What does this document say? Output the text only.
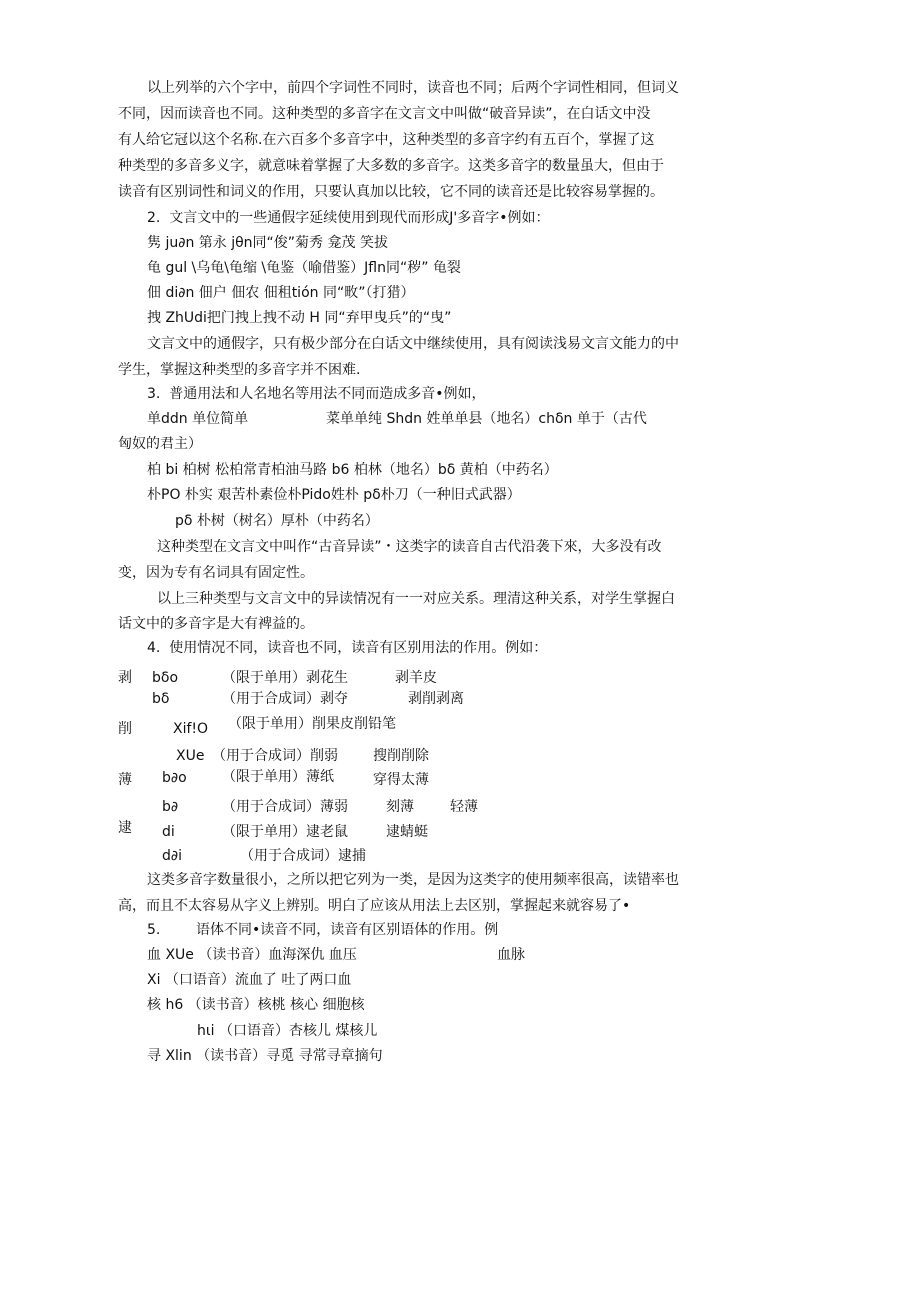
以上列举的六个字中，前四个字词性不同时，读音也不同；后两个字词性相同，但词义
不同，因而读音也不同。这种类型的多音字在文言文中叫做“破音异读”，在白话文中没
有人给它冠以这个名称.在六百多个多音字中，这种类型的多音字约有五百个，掌握了这
种类型的多音多义字，就意味着掌握了大多数的多音字。这类多音字的数量虽大，但由于
读音有区别词性和词义的作用，只要认真加以比较，它不同的读音还是比较容易掌握的。
2.  文言文中的一些通假字延续使用到现代而形成J'多音字•例如：
隽 ju∂n 第永 jθn同“俊”菊秀 龛茂 笑拔
龟 gul \乌龟\龟缩 \龟鉴（喻借鉴）Jfln同“秽” 龟裂
佃 di∂n 佃户 佃农 佃租tiόn 同“畋”（打猎）
拽 ZhUdi把门拽上拽不动 H 同“弃甲曳兵”的“曳”
文言文中的通假字，只有极少部分在白话文中继续使用，具有阅读浅易文言文能力的中
学生，掌握这种类型的多音字并不困难.
3.  普通用法和人名地名等用法不同而造成多音•例如，
单ddn 单位简单	菜单单纯 Shdn 姓单单县（地名）chδn 单于（古代
匈奴的君主）
柏 bi 柏树 松柏常青柏油马路 b6 柏林（地名）bδ 黄柏（中药名）
朴PO 朴实 艰苦朴素俭朴Pido姓朴 pδ朴刀（一种旧式武器）
pδ 朴树（树名）厚朴（中药名）
这种类型在文言文中叫作“古音异读”・这类字的读音自古代沿袭下來，大多没有改
变，因为专有名词具有固定性。
以上三种类型与文言文中的异读情况有一一对应关系。理清这种关系，对学生掌握白
话文中的多音字是大有裨益的。
4.  使用情况不同，读音也不同，读音有区别用法的作用。例如：
剥 bδo	（限于单用）剥花生	剥羊皮
bδ	（用于合成词）剥夺	剥削剥离
削	Xif!O （限于单用）削果皮削铅笔
XUe （用于合成词）削弱	搜削削除
薄 b∂o	（限于单用）薄纸	穿得太薄
b∂	（用于合成词）薄弱	刻薄	轻薄
逮 di	（限于单用）逮老鼠	逮蜻蜓
d∂i	（用于合成词）逮捕
这类多音字数量很小，之所以把它列为一类，是因为这类字的使用频率很高，读错率也
高，而且不太容易从字义上辨别。明白了应该从用法上去区别，掌握起来就容易了•
5.	语体不同•读音不同，读音有区别语体的作用。例
血 XUe （读书音）血海深仇 血压	血脉
Xi （口语音）流血了 吐了两口血
核 h6 （读书音）核桃 核心 细胞核
hιi （口语音）杏核儿 煤核儿
寻 Xlin （读书音）寻觅 寻常寻章摘句
